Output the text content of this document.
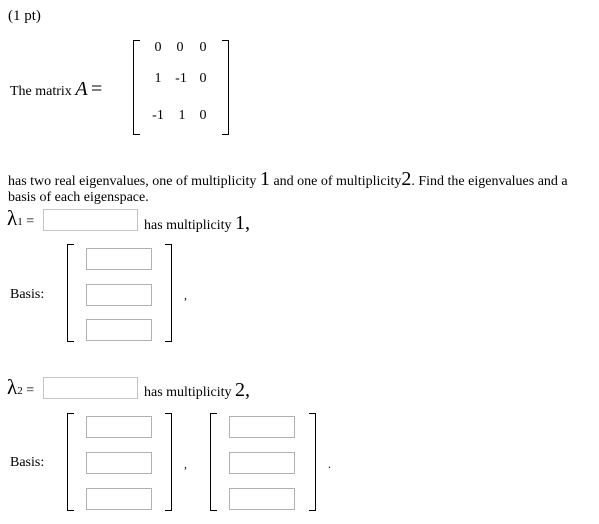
(1 pt)
The matrix A =
0	0	0
1 -1 0
-1	1	0
has two real eigenvalues, one of multiplicity 1 and one of multiplicity2. Find the eigenvalues and a
basis of each eigenspace.
λ1 =	has multiplicity 1,
Basis:	,
λ2 =	has multiplicity 2,
Basis:	,	.
